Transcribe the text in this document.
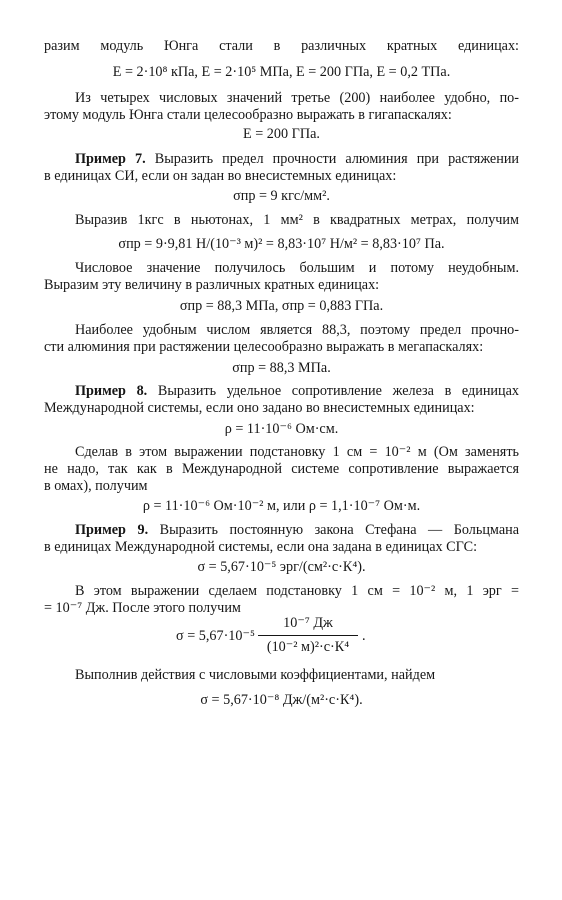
разим модуль Юнга стали в различных кратных единицах:
E = 2·10⁸ кПа, E = 2·10⁵ МПа, E = 200 ГПа, E = 0,2 ТПа.
Из четырех числовых значений третье (200) наиболее удобно, по-
этому модуль Юнга стали целесообразно выражать в гигапаскалях:
E = 200 ГПа.
Пример 7. Выразить предел прочности алюминия при растяжении
в единицах СИ, если он задан во внесистемных единицах:
σпр = 9 кгс/мм².
Выразив 1кгс в ньютонах, 1 мм² в квадратных метрах, получим
σпр = 9·9,81 Н/(10⁻³ м)² = 8,83·10⁷ Н/м² = 8,83·10⁷ Па.
Числовое значение получилось большим и потому неудобным.
Выразим эту величину в различных кратных единицах:
σпр = 88,3 МПа, σпр = 0,883 ГПа.
Наиболее удобным числом является 88,3, поэтому предел прочно-
сти алюминия при растяжении целесообразно выражать в мегапаскалях:
σпр = 88,3 МПа.
Пример 8. Выразить удельное сопротивление железа в единицах
Международной системы, если оно задано во внесистемных единицах:
ρ = 11·10⁻⁶ Ом·см.
Сделав в этом выражении подстановку 1 см = 10⁻² м (Ом заменять
не надо, так как в Международной системе сопротивление выражается
в омах), получим
ρ = 11·10⁻⁶ Ом·10⁻² м, или ρ = 1,1·10⁻⁷ Ом·м.
Пример 9. Выразить постоянную закона Стефана — Больцмана
в единицах Международной системы, если она задана в единицах СГС:
σ = 5,67·10⁻⁵ эрг/(см²·с·К⁴).
В этом выражении сделаем подстановку 1 см = 10⁻² м, 1 эрг =
= 10⁻⁷ Дж. После этого получим
σ = 5,67·10⁻⁵
10⁻⁷ Дж
(10⁻² м)²·с·К⁴
.
Выполнив действия с числовыми коэффициентами, найдем
σ = 5,67·10⁻⁸ Дж/(м²·с·К⁴).
